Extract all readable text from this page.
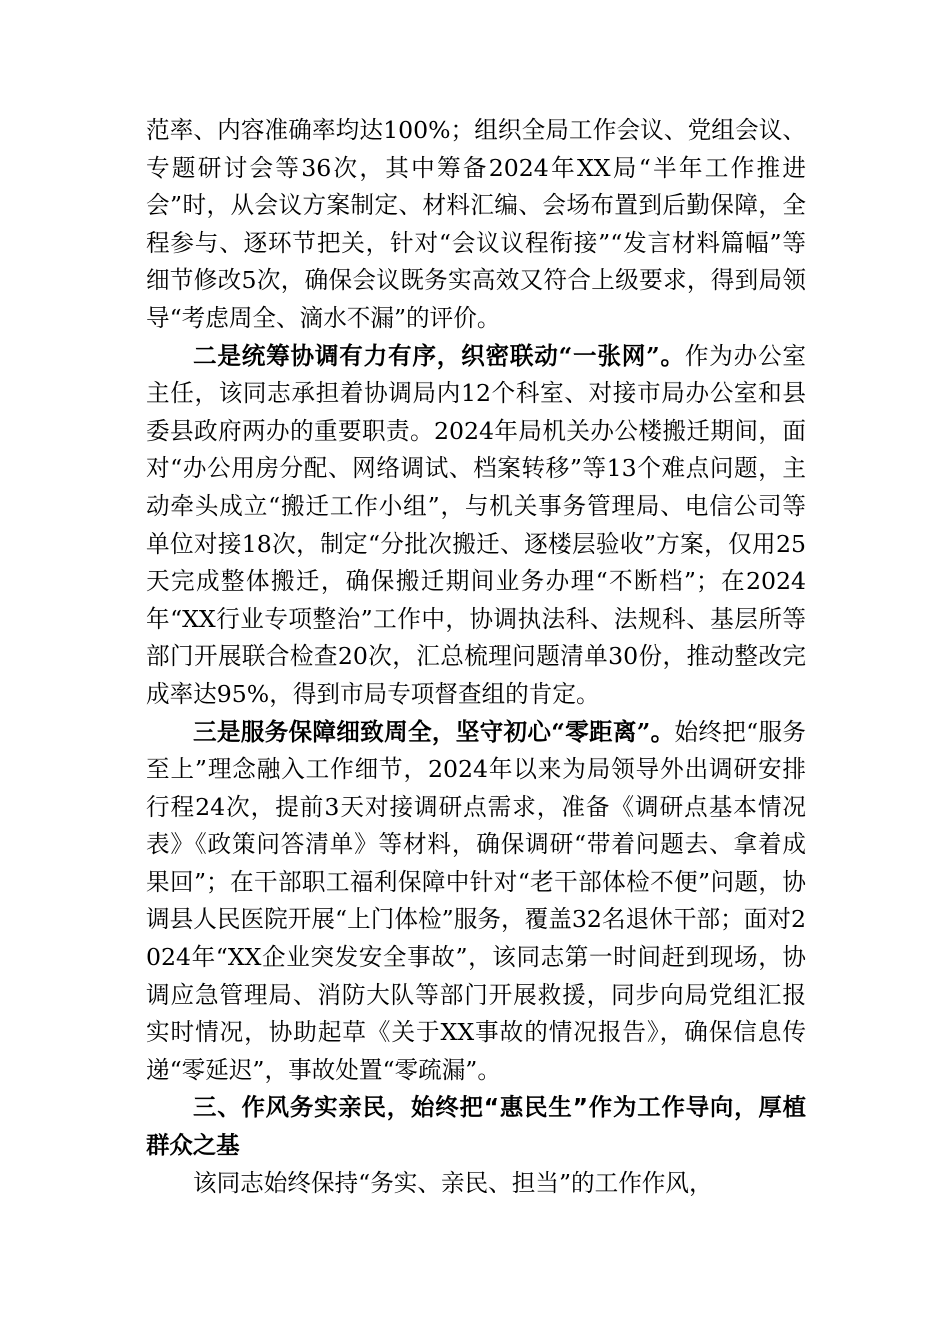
范率、内容准确率均达100%；组织全局工作会议、党组会议、专题研讨会等36次，其中筹备2024年XX局“半年工作推进会”时，从会议方案制定、材料汇编、会场布置到后勤保障，全程参与、逐环节把关，针对“会议议程衔接”“发言材料篇幅”等细节修改5次，确保会议既务实高效又符合上级要求，得到局领导“考虑周全、滴水不漏”的评价。

二是统筹协调有力有序，织密联动“一张网”。作为办公室主任，该同志承担着协调局内12个科室、对接市局办公室和县委县政府两办的重要职责。2024年局机关办公楼搬迁期间，面对“办公用房分配、网络调试、档案转移”等13个难点问题，主动牵头成立“搬迁工作小组”，与机关事务管理局、电信公司等单位对接18次，制定“分批次搬迁、逐楼层验收”方案，仅用25天完成整体搬迁，确保搬迁期间业务办理“不断档”；在2024年“XX行业专项整治”工作中，协调执法科、法规科、基层所等部门开展联合检查20次，汇总梳理问题清单30份，推动整改完成率达95%，得到市局专项督查组的肯定。

三是服务保障细致周全，坚守初心“零距离”。始终把“服务至上”理念融入工作细节，2024年以来为局领导外出调研安排行程24次，提前3天对接调研点需求，准备《调研点基本情况表》《政策问答清单》等材料，确保调研“带着问题去、拿着成果回”；在干部职工福利保障中针对“老干部体检不便”问题，协调县人民医院开展“上门体检”服务，覆盖32名退休干部；面对2024年“XX企业突发安全事故”，该同志第一时间赶到现场，协调应急管理局、消防大队等部门开展救援，同步向局党组汇报实时情况，协助起草《关于XX事故的情况报告》，确保信息传递“零延迟”，事故处置“零疏漏”。

三、作风务实亲民，始终把“惠民生”作为工作导向，厚植群众之基

该同志始终保持“务实、亲民、担当”的工作作风，
